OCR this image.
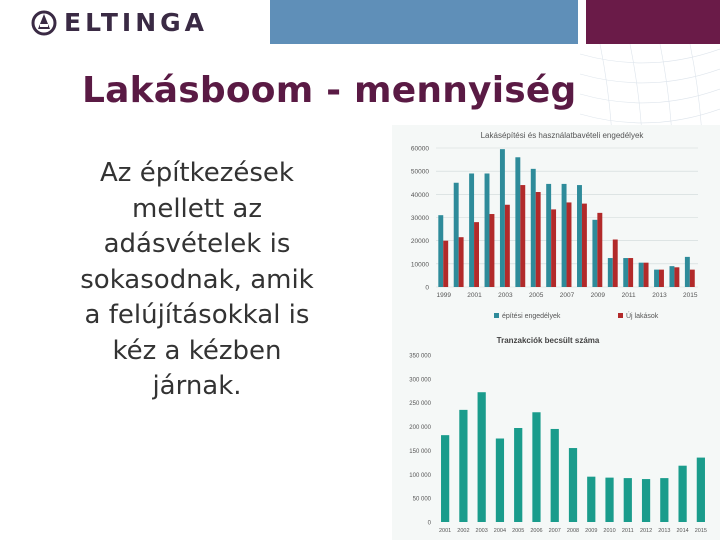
ELTINGA
Lakásboom - mennyiség
Az építkezések
mellett az
adásvételek is
sokasodnak, amik
a felújításokkal is
kéz a kézben
járnak.
Lakásépítési és használatbavételi engedélyek
0
10000
20000
30000
40000
50000
60000
1999	2001	2003	2005	2007	2009	2011	2013	2015
építési engedélyek	Új lakások
Tranzakciók becsült száma
0
50 000
100 000
150 000
200 000
250 000
300 000
350 000
2001 2002 2003 2004 2005 2006 2007 2008 2009 2010 2011 2012 2013 2014 2015
